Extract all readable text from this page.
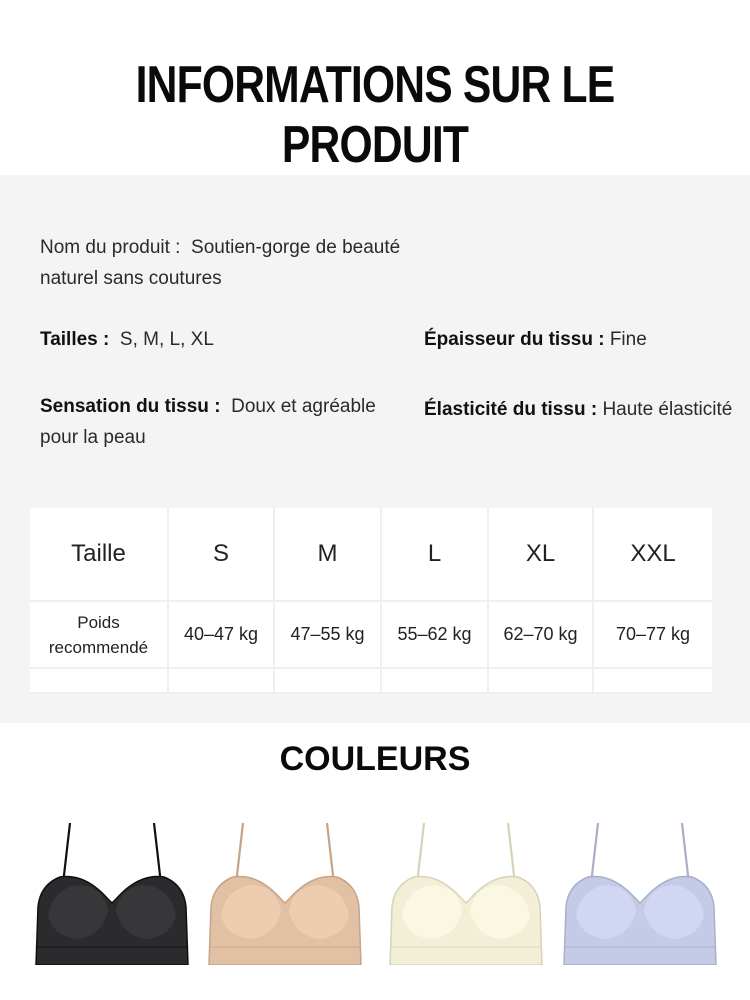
INFORMATIONS SUR LE PRODUIT
Nom du produit : Soutien-gorge de beauté
naturel sans coutures
Tailles : S, M, L, XL	Épaisseur du tissu : Fine
Sensation du tissu : Doux et agréable
pour la peau
Élasticité du tissu : Haute élasticité
Taille	S	M	L	XL	XXL
Poids
recommendé	40–47 kg	47–55 kg	55–62 kg	62–70 kg	70–77 kg

COULEURS
